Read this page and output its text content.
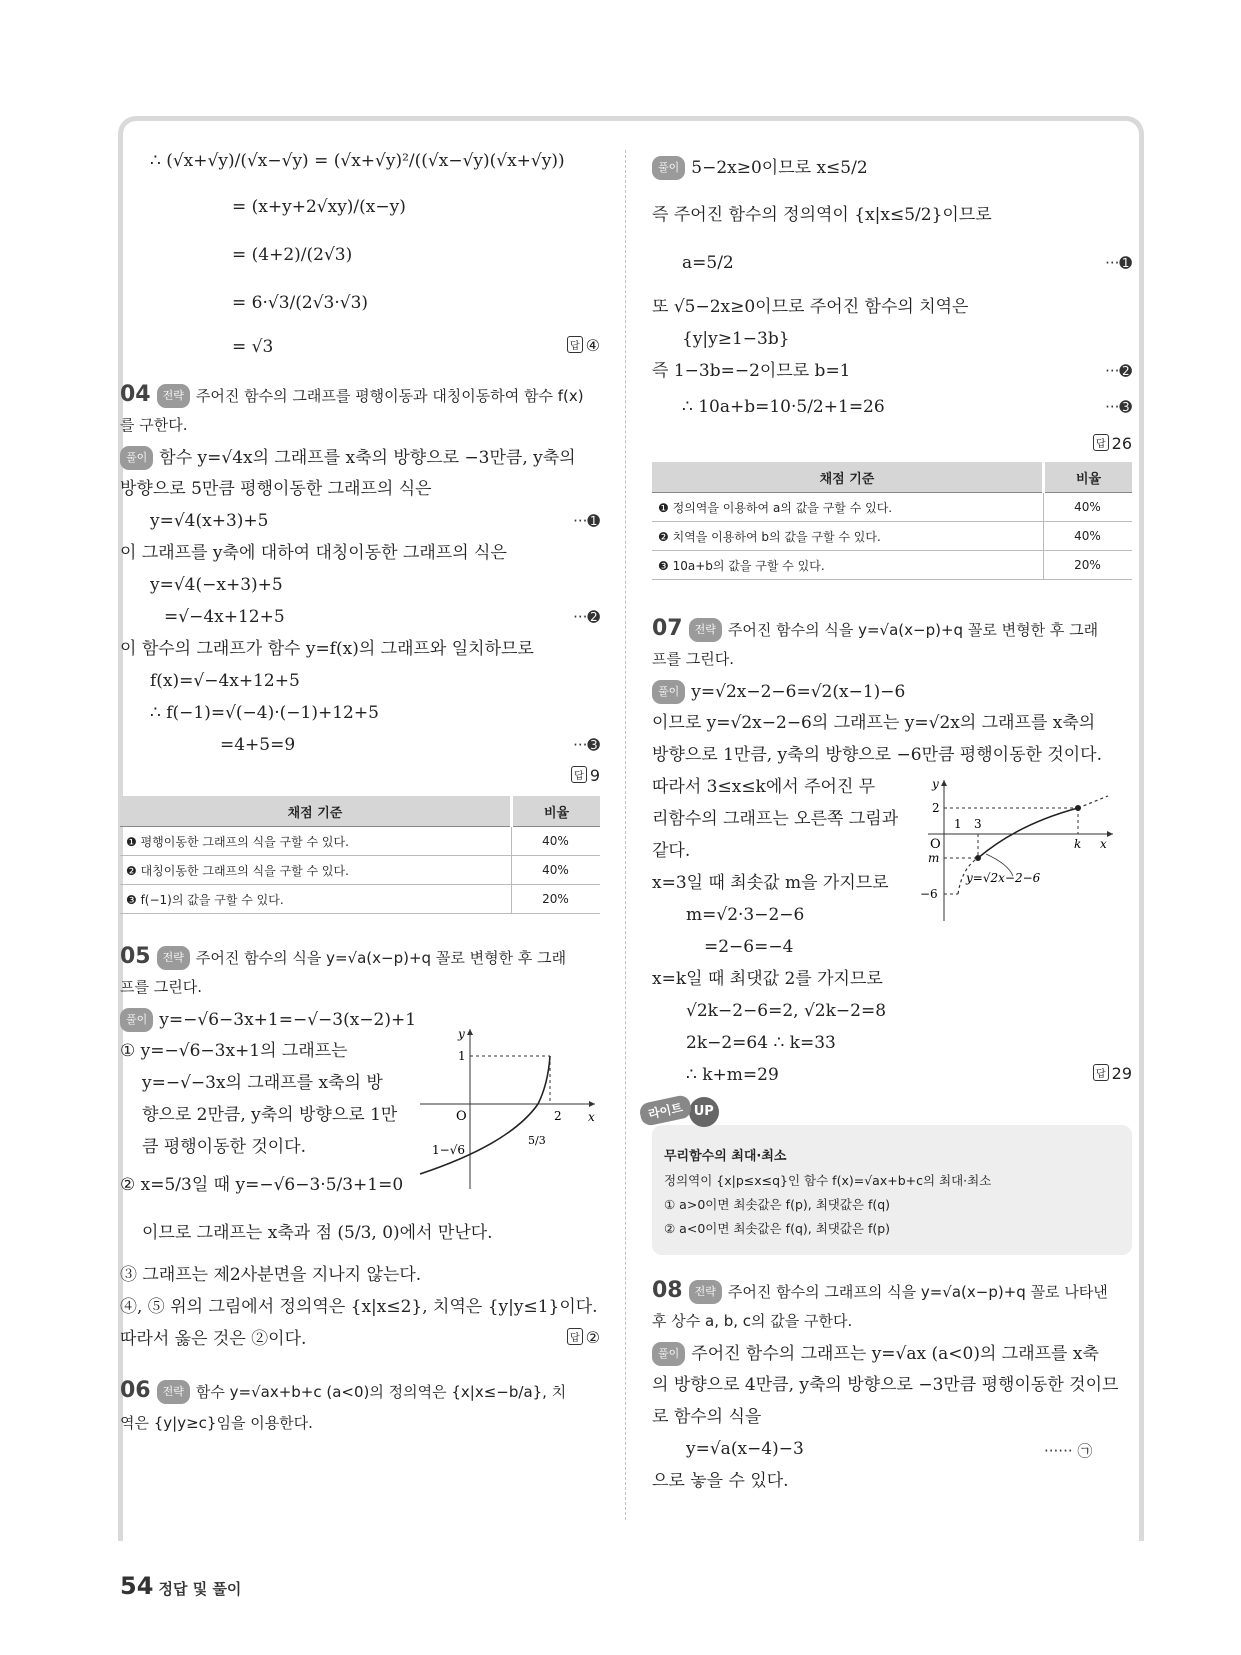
∴ (√x+√y)/(√x−√y) = (√x+√y)²/((√x−√y)(√x+√y))
= (x+y+2√xy)/(x−y)
= (4+2)/(2√3)
= 6·√3/(2√3·√3)
= √3	답 ④
04 전략 주어진 함수의 그래프를 평행이동과 대칭이동하여 함수 f(x)
를 구한다.
풀이 함수 y=√4x의 그래프를 x축의 방향으로 −3만큼, y축의
방향으로 5만큼 평행이동한 그래프의 식은
y=√4(x+3)+5	···➊
이 그래프를 y축에 대하여 대칭이동한 그래프의 식은
y=√4(−x+3)+5
=√−4x+12+5	···➋
이 함수의 그래프가 함수 y=f(x)의 그래프와 일치하므로
f(x)=√−4x+12+5
∴ f(−1)=√(−4)·(−1)+12+5
=4+5=9	···➌
답 9
채점 기준	비율
❶ 평행이동한 그래프의 식을 구할 수 있다.	40%
❷ 대칭이동한 그래프의 식을 구할 수 있다.	40%
❸ f(−1)의 값을 구할 수 있다.	20%
05 전략 주어진 함수의 식을 y=√a(x−p)+q 꼴로 변형한 후 그래
프를 그린다.
풀이 y=−√6−3x+1=−√−3(x−2)+1
① y=−√6−3x+1의 그래프는
y=−√−3x의 그래프를 x축의 방
향으로 2만큼, y축의 방향으로 1만
큼 평행이동한 것이다.
② x=5/3일 때 y=−√6−3·5/3+1=0
이므로 그래프는 x축과 점 (5/3, 0)에서 만난다.
③ 그래프는 제2사분면을 지나지 않는다.
④, ⑤ 위의 그림에서 정의역은 {x|x≤2}, 치역은 {y|y≤1}이다.
따라서 옳은 것은 ②이다.	답 ②
y
x
O
1
2
5/3
1−√6
06 전략 함수 y=√ax+b+c (a<0)의 정의역은 {x|x≤−b/a}, 치
역은 {y|y≥c}임을 이용한다.
풀이 5−2x≥0이므로 x≤5/2
즉 주어진 함수의 정의역이 {x|x≤5/2}이므로
a=5/2	···➊
또 √5−2x≥0이므로 주어진 함수의 치역은
{y|y≥1−3b}
즉 1−3b=−2이므로 b=1	···➋
∴ 10a+b=10·5/2+1=26	···➌
답 26
채점 기준	비율
❶ 정의역을 이용하여 a의 값을 구할 수 있다.	40%
❷ 치역을 이용하여 b의 값을 구할 수 있다.	40%
❸ 10a+b의 값을 구할 수 있다.	20%
07 전략 주어진 함수의 식을 y=√a(x−p)+q 꼴로 변형한 후 그래
프를 그린다.
풀이 y=√2x−2−6=√2(x−1)−6
이므로 y=√2x−2−6의 그래프는 y=√2x의 그래프를 x축의
방향으로 1만큼, y축의 방향으로 −6만큼 평행이동한 것이다.
따라서 3≤x≤k에서 주어진 무
리함수의 그래프는 오른쪽 그림과
같다.
x=3일 때 최솟값 m을 가지므로
m=√2·3−2−6
=2−6=−4
x=k일 때 최댓값 2를 가지므로
√2k−2−6=2, √2k−2=8
2k−2=64 ∴ k=33
∴ k+m=29	답 29
y
x
O
2
1 3
k
m
−6
y=√2x−2−6
라이트 UP
무리함수의 최대·최소
정의역이 {x|p≤x≤q}인 함수 f(x)=√ax+b+c의 최대·최소
① a>0이면 최솟값은 f(p), 최댓값은 f(q)
② a<0이면 최솟값은 f(q), 최댓값은 f(p)
08 전략 주어진 함수의 그래프의 식을 y=√a(x−p)+q 꼴로 나타낸
후 상수 a, b, c의 값을 구한다.
풀이 주어진 함수의 그래프는 y=√ax (a<0)의 그래프를 x축
의 방향으로 4만큼, y축의 방향으로 −3만큼 평행이동한 것이므
로 함수의 식을
y=√a(x−4)−3	······ ㉠
으로 놓을 수 있다.
54 정답 및 풀이
